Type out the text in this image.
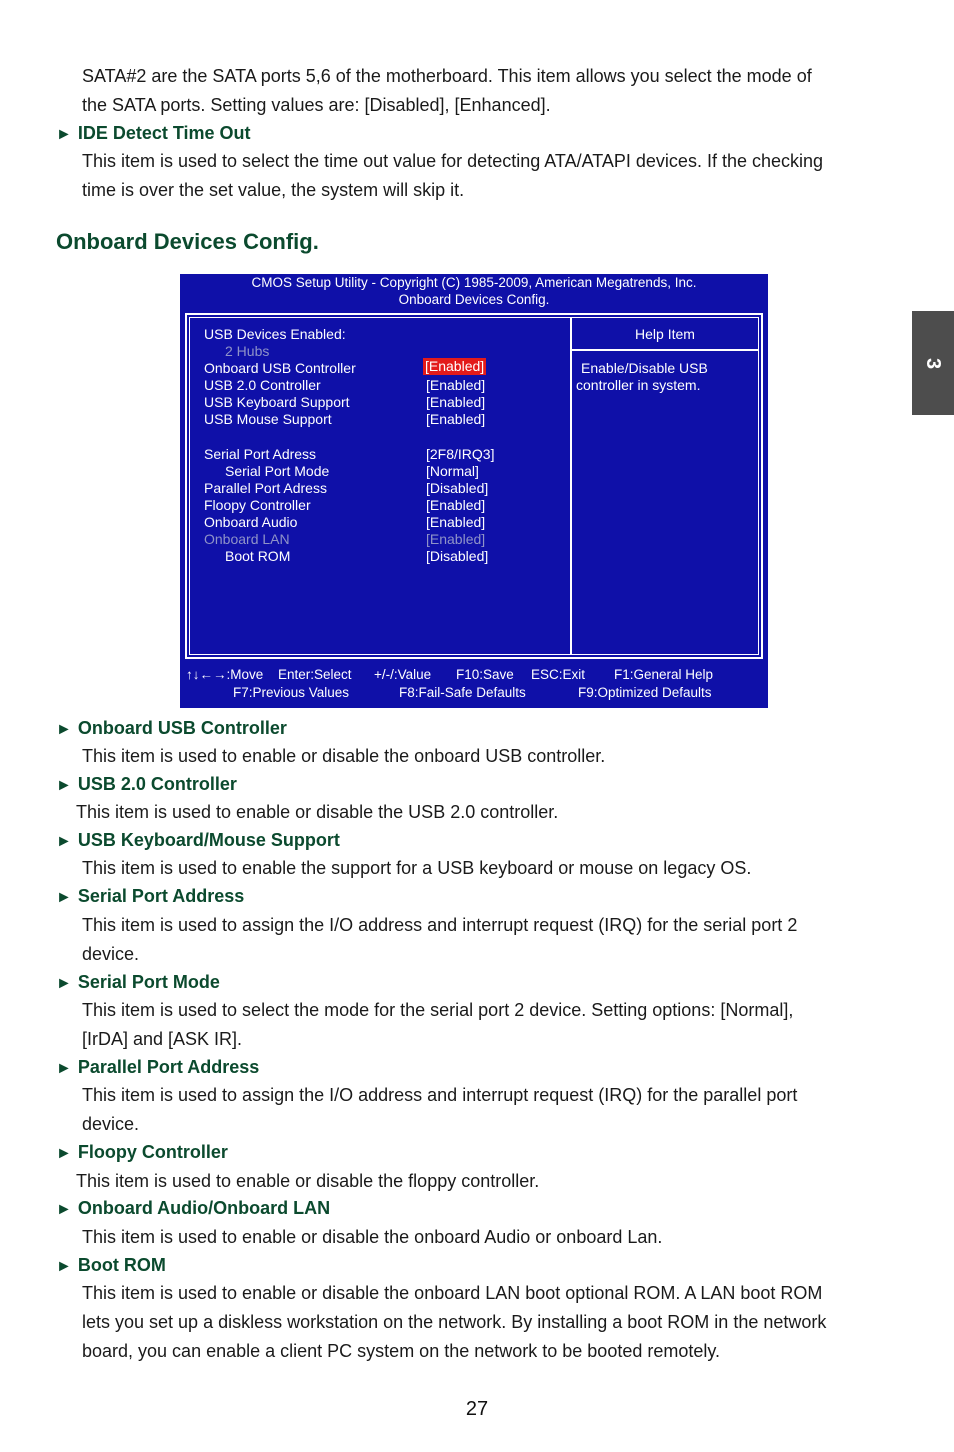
SATA#2 are the SATA ports 5,6 of the motherboard. This item allows you select the mode of
the SATA ports. Setting values are: [Disabled], [Enhanced].
► IDE Detect Time Out
This item is used to select the time out value for detecting ATA/ATAPI devices. If the checking
time is over the set value, the system will skip it.
Onboard Devices Config.
3
CMOS Setup Utility - Copyright (C) 1985-2009, American Megatrends, Inc.
Onboard Devices Config.
Help Item
Enable/Disable USB
controller in system.
USB Devices Enabled:
2 Hubs
Onboard USB Controller	[Enabled]
USB 2.0 Controller	[Enabled]
USB Keyboard Support	[Enabled]
USB Mouse Support	[Enabled]
Serial Port Adress	[2F8/IRQ3]
Serial Port Mode	[Normal]
Parallel Port Adress	[Disabled]
Floopy Controller	[Enabled]
Onboard Audio	[Enabled]
Onboard LAN	[Enabled]
Boot ROM	[Disabled]
↑↓←→:Move Enter:Select +/-/:Value F10:Save ESC:Exit F1:General Help
F7:Previous Values	F8:Fail-Safe Defaults	F9:Optimized Defaults
► Onboard USB Controller
This item is used to enable or disable the onboard USB controller.
► USB 2.0 Controller
This item is used to enable or disable the USB 2.0 controller.
► USB Keyboard/Mouse Support
This item is used to enable the support for a USB keyboard or mouse on legacy OS.
► Serial Port Address
This item is used to assign the I/O address and interrupt request (IRQ) for the serial port 2
device.
► Serial Port Mode
This item is used to select the mode for the serial port 2 device. Setting options: [Normal],
[IrDA] and [ASK IR].
► Parallel Port Address
This item is used to assign the I/O address and interrupt request (IRQ) for the parallel port
device.
► Floopy Controller
This item is used to enable or disable the floppy controller.
► Onboard Audio/Onboard LAN
This item is used to enable or disable the onboard Audio or onboard Lan.
► Boot ROM
This item is used to enable or disable the onboard LAN boot optional ROM. A LAN boot ROM
lets you set up a diskless workstation on the network. By installing a boot ROM in the network
board, you can enable a client PC system on the network to be booted remotely.
27
